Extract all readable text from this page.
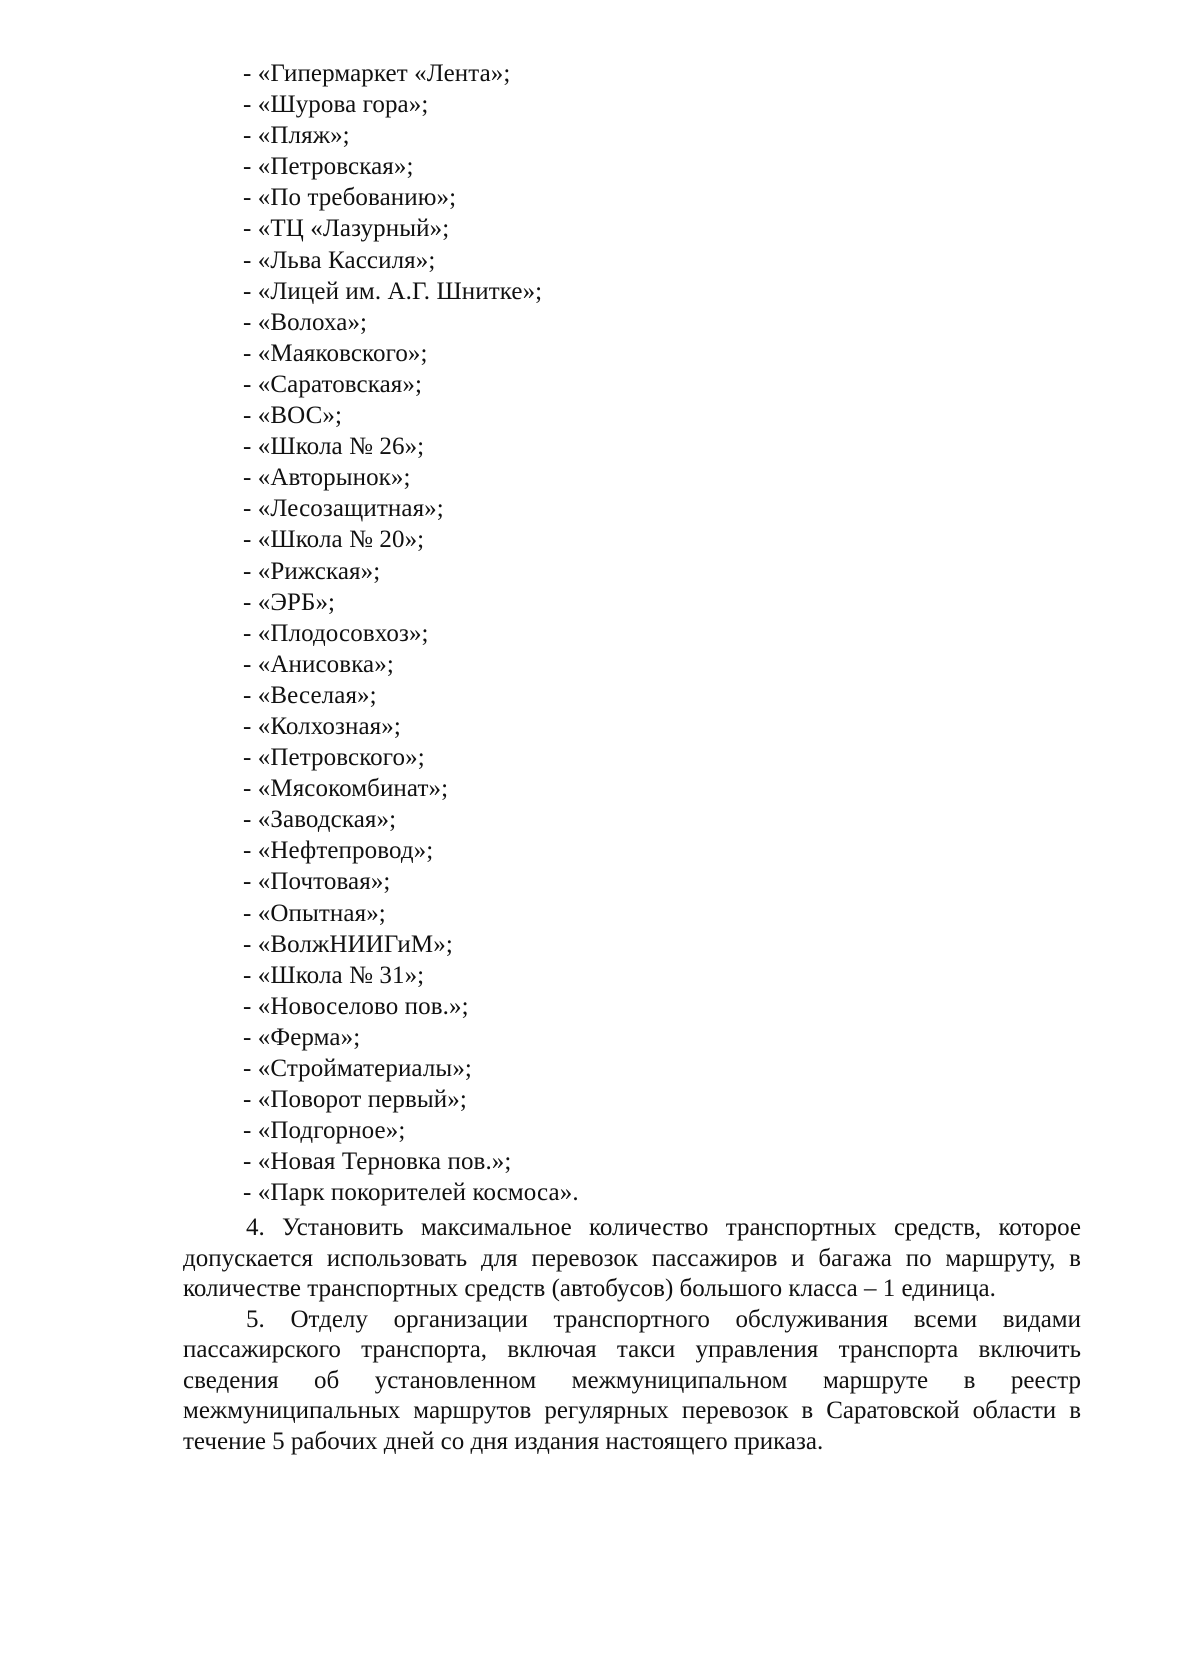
- «Гипермаркет «Лента»;
- «Шурова гора»;
- «Пляж»;
- «Петровская»;
- «По требованию»;
- «ТЦ «Лазурный»;
- «Льва Кассиля»;
- «Лицей им. А.Г. Шнитке»;
- «Волоха»;
- «Маяковского»;
- «Саратовская»;
- «ВОС»;
- «Школа № 26»;
- «Авторынок»;
- «Лесозащитная»;
- «Школа № 20»;
- «Рижская»;
- «ЭРБ»;
- «Плодосовхоз»;
- «Анисовка»;
- «Веселая»;
- «Колхозная»;
- «Петровского»;
- «Мясокомбинат»;
- «Заводская»;
- «Нефтепровод»;
- «Почтовая»;
- «Опытная»;
- «ВолжНИИГиМ»;
- «Школа № 31»;
- «Новоселово пов.»;
- «Ферма»;
- «Стройматериалы»;
- «Поворот первый»;
- «Подгорное»;
- «Новая Терновка пов.»;
- «Парк покорителей космоса».

4. Установить максимальное количество транспортных средств, которое допускается использовать для перевозок пассажиров и багажа по маршруту, в количестве транспортных средств (автобусов) большого класса – 1 единица.

5. Отделу организации транспортного обслуживания всеми видами пассажирского транспорта, включая такси управления транспорта включить сведения об установленном межмуниципальном маршруте в реестр межмуниципальных маршрутов регулярных перевозок в Саратовской области в течение 5 рабочих дней со дня издания настоящего приказа.
